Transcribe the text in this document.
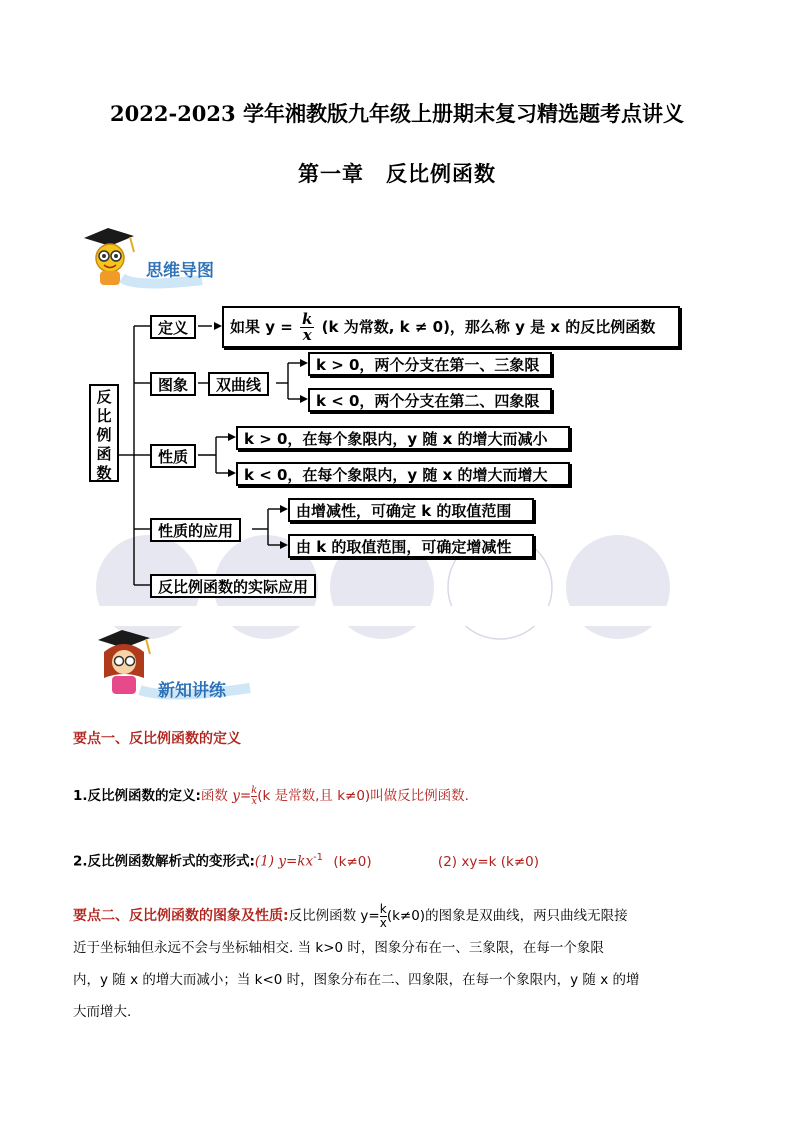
2022-2023 学年湘教版九年级上册期末复习精选题考点讲义
第一章　反比例函数
思维导图
反比例函数
定义
图象
性质
性质的应用
反比例函数的实际应用
如果 $y = \frac{k}{x} (k$ 为常数, k ≠ 0)，那么称 y 是 x 的反比例函数
双曲线
k > 0，两个分支在第一、三象限
k < 0，两个分支在第二、四象限
k > 0，在每个象限内，y 随 x 的增大而减小
k < 0，在每个象限内，y 随 x 的增大而增大
由增减性，可确定 k 的取值范围
由 k 的取值范围，可确定增减性
新知讲练
要点一、反比例函数的定义
1.反比例函数的定义:函数 $y= \frac{k}{x} (k$ 是常数,且 k≠0)叫做反比例函数.
2.反比例函数解析式的变形式:(1) $y=kx^{-1}$ (k≠0)	(2) xy=k (k≠0)
要点二、反比例函数的图象及性质:反比例函数 $y= \frac{k}{x} (k\ne 0)$的图象是双曲线，两只曲线无限接
近于坐标轴但永远不会与坐标轴相交. 当 k>0 时，图象分布在一、三象限，在每一个象限
内，y 随 x 的增大而减小；当 k<0 时，图象分布在二、四象限，在每一个象限内，y 随 x 的增
大而增大.
